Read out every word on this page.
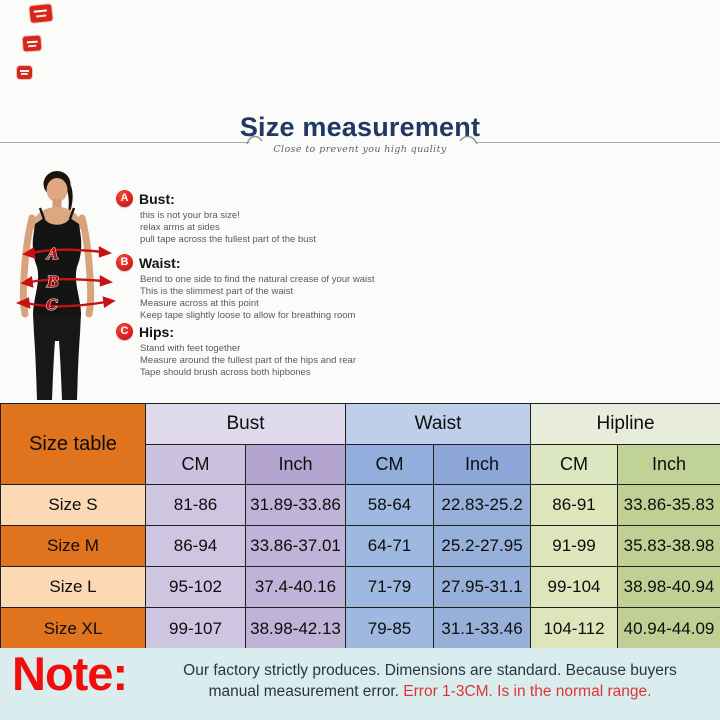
Size measurement
Close to prevent you high quality
A
B
C
A Bust:
this is not your bra size!
relax arms at sides
pull tape across the fullest part of the bust
B Waist:
Bend to one side to find the natural crease of your waist
This is the slimmest part of the waist
Measure across at this point
Keep tape slightly loose to allow for breathing room
C Hips:
Stand with feet together
Measure around the fullest part of the hips and rear
Tape should brush across both hipbones
Size table	Bust		Waist		Hipline	
	CM	Inch	CM	Inch	CM	Inch
Size S	81-86	31.89-33.86	58-64	22.83-25.2	86-91	33.86-35.83
Size M	86-94	33.86-37.01	64-71	25.2-27.95	91-99	35.83-38.98
Size L	95-102	37.4-40.16	71-79	27.95-31.1	99-104	38.98-40.94
Size XL	99-107	38.98-42.13	79-85	31.1-33.46	104-112	40.94-44.09
Note:	Our factory strictly produces. Dimensions are standard. Because buyers
manual measurement error. Error 1-3CM. Is in the normal range.
